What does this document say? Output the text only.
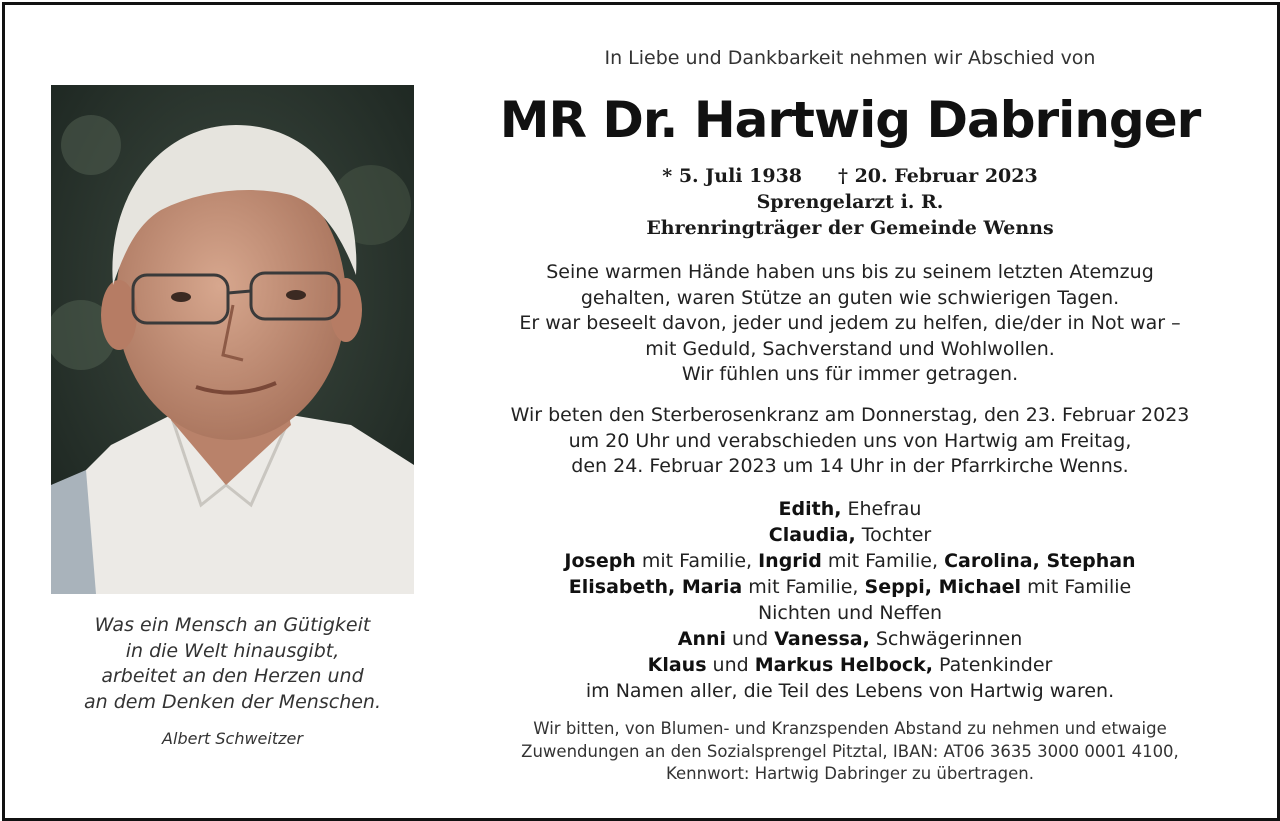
Was ein Mensch an Gütigkeit
in die Welt hinausgibt,
arbeitet an den Herzen und
an dem Denken der Menschen.
Albert Schweitzer
In Liebe und Dankbarkeit nehmen wir Abschied von
MR Dr. Hartwig Dabringer
* 5. Juli 1938 † 20. Februar 2023
Sprengelarzt i. R.
Ehrenringträger der Gemeinde Wenns
Seine warmen Hände haben uns bis zu seinem letzten Atemzug
gehalten, waren Stütze an guten wie schwierigen Tagen.
Er war beseelt davon, jeder und jedem zu helfen, die/der in Not war –
mit Geduld, Sachverstand und Wohlwollen.
Wir fühlen uns für immer getragen.
Wir beten den Sterberosenkranz am Donnerstag, den 23. Februar 2023
um 20 Uhr und verabschieden uns von Hartwig am Freitag,
den 24. Februar 2023 um 14 Uhr in der Pfarrkirche Wenns.
Edith, Ehefrau
Claudia, Tochter
Joseph mit Familie, Ingrid mit Familie, Carolina, Stephan
Elisabeth, Maria mit Familie, Seppi, Michael mit Familie
Nichten und Neffen
Anni und Vanessa, Schwägerinnen
Klaus und Markus Helbock, Patenkinder
im Namen aller, die Teil des Lebens von Hartwig waren.
Wir bitten, von Blumen- und Kranzspenden Abstand zu nehmen und etwaige
Zuwendungen an den Sozialsprengel Pitztal, IBAN: AT06 3635 3000 0001 4100,
Kennwort: Hartwig Dabringer zu übertragen.
